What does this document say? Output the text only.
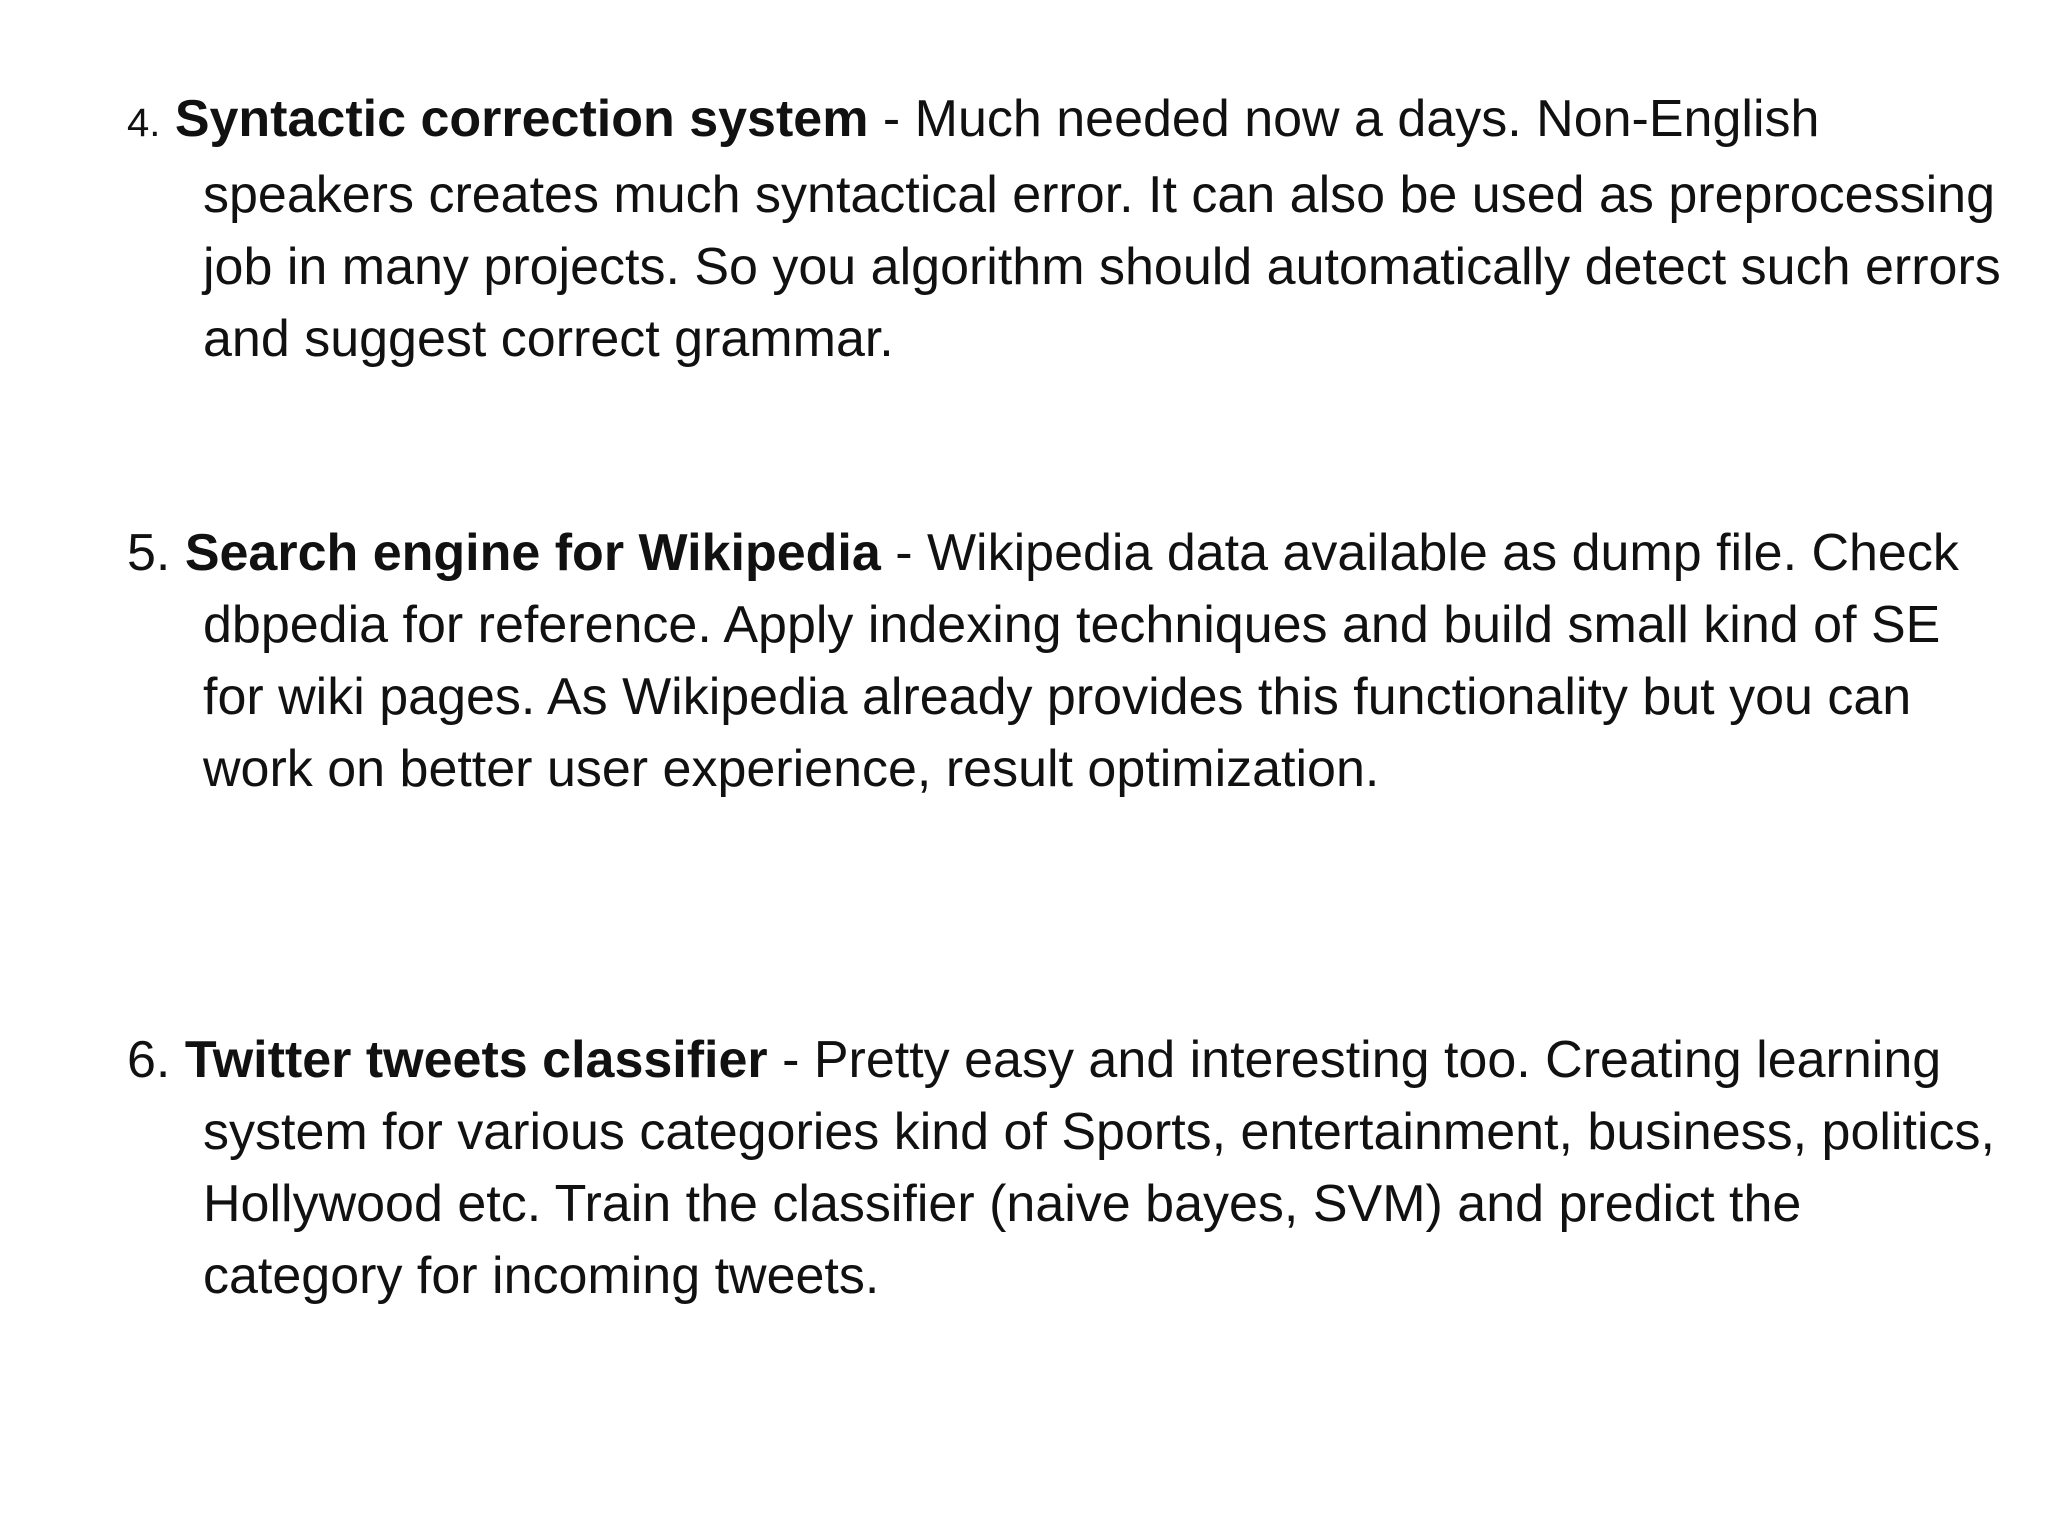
4. Syntactic correction system - Much needed now a days. Non-English speakers creates much syntactical error. It can also be used as preprocessing job in many projects. So you algorithm should automatically detect such errors and suggest correct grammar.

5. Search engine for Wikipedia - Wikipedia data available as dump file. Check dbpedia for reference. Apply indexing techniques and build small kind of SE for wiki pages. As Wikipedia already provides this functionality but you can work on better user experience, result optimization.

6. Twitter tweets classifier - Pretty easy and interesting too. Creating learning system for various categories kind of Sports, entertainment, business, politics, Hollywood etc. Train the classifier (naive bayes, SVM) and predict the category for incoming tweets.
